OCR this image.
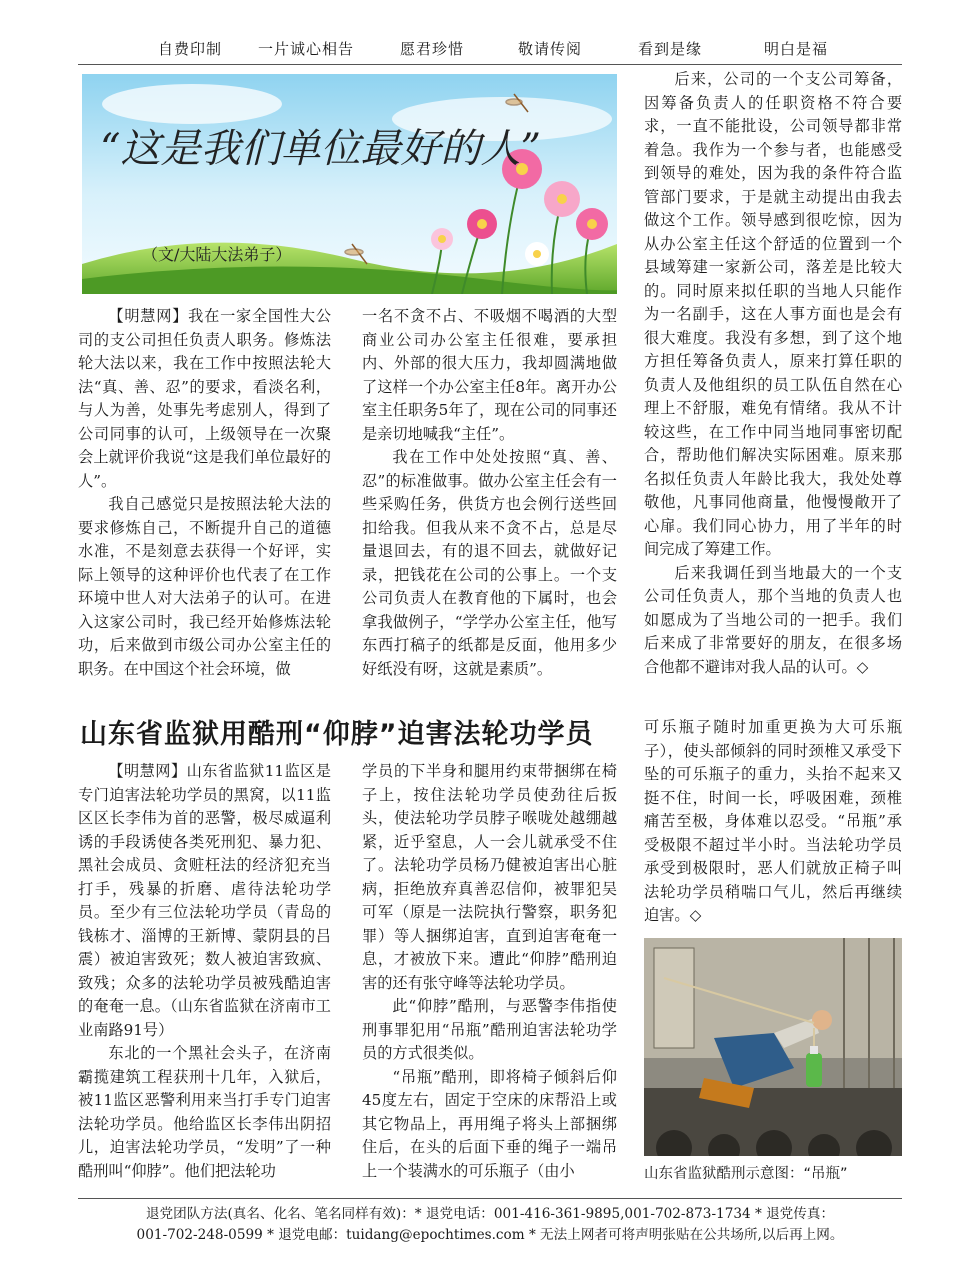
自费印制 一片诚心相告	愿君珍惜	敬请传阅	看到是缘	明白是福
“这是我们单位最好的人”
（文/大陆大法弟子）

【明慧网】我在一家全国性大公司的支公司担任负责人职务。修炼法轮大法以来，我在工作中按照法轮大法“真、善、忍”的要求，看淡名利，与人为善，处事先考虑别人，得到了公司同事的认可，上级领导在一次聚会上就评价我说“这是我们单位最好的人”。

我自己感觉只是按照法轮大法的要求修炼自己，不断提升自己的道德水准，不是刻意去获得一个好评，实际上领导的这种评价也代表了在工作环境中世人对大法弟子的认可。在进入这家公司时，我已经开始修炼法轮功，后来做到市级公司办公室主任的职务。在中国这个社会环境，做

一名不贪不占、不吸烟不喝酒的大型商业公司办公室主任很难，要承担内、外部的很大压力，我却圆满地做了这样一个办公室主任8年。离开办公室主任职务5年了，现在公司的同事还是亲切地喊我“主任”。

我在工作中处处按照“真、善、忍”的标准做事。做办公室主任会有一些采购任务，供货方也会例行送些回扣给我。但我从来不贪不占，总是尽量退回去，有的退不回去，就做好记录，把钱花在公司的公事上。一个支公司负责人在教育他的下属时，也会拿我做例子，“学学办公室主任，他写东西打稿子的纸都是反面，他用多少好纸没有呀，这就是素质”。

后来，公司的一个支公司筹备，因筹备负责人的任职资格不符合要求，一直不能批设，公司领导都非常着急。我作为一个参与者，也能感受到领导的难处，因为我的条件符合监管部门要求，于是就主动提出由我去做这个工作。领导感到很吃惊，因为从办公室主任这个舒适的位置到一个县域筹建一家新公司，落差是比较大的。同时原来拟任职的当地人只能作为一名副手，这在人事方面也是会有很大难度。我没有多想，到了这个地方担任筹备负责人，原来打算任职的负责人及他组织的员工队伍自然在心理上不舒服，难免有情绪。我从不计较这些，在工作中同当地同事密切配合，帮助他们解决实际困难。原来那名拟任负责人年龄比我大，我处处尊敬他，凡事同他商量，他慢慢敞开了心扉。我们同心协力，用了半年的时间完成了筹建工作。

后来我调任到当地最大的一个支公司任负责人，那个当地的负责人也如愿成为了当地公司的一把手。我们后来成了非常要好的朋友，在很多场合他都不避讳对我人品的认可。◇

山东省监狱用酷刑“仰脖”迫害法轮功学员

【明慧网】山东省监狱11监区是专门迫害法轮功学员的黑窝，以11监区区长李伟为首的恶警，极尽威逼利诱的手段诱使各类死刑犯、暴力犯、黑社会成员、贪赃枉法的经济犯充当打手，残暴的折磨、虐待法轮功学员。至少有三位法轮功学员（青岛的钱栋才、淄博的王新博、蒙阴县的吕震）被迫害致死；数人被迫害致疯、致残；众多的法轮功学员被残酷迫害的奄奄一息。（山东省监狱在济南市工业南路91号）

东北的一个黑社会头子，在济南霸揽建筑工程获刑十几年，入狱后，被11监区恶警利用来当打手专门迫害法轮功学员。他给监区长李伟出阴招儿，迫害法轮功学员，“发明”了一种酷刑叫“仰脖”。他们把法轮功

学员的下半身和腿用约束带捆绑在椅子上，按住法轮功学员使劲往后扳头，使法轮功学员脖子喉咙处越绷越紧，近乎窒息，人一会儿就承受不住了。法轮功学员杨乃健被迫害出心脏病，拒绝放弃真善忍信仰，被罪犯吴可军（原是一法院执行警察，职务犯罪）等人捆绑迫害，直到迫害奄奄一息，才被放下来。遭此“仰脖”酷刑迫害的还有张守峰等法轮功学员。

此“仰脖”酷刑，与恶警李伟指使刑事罪犯用“吊瓶”酷刑迫害法轮功学员的方式很类似。

“吊瓶”酷刑，即将椅子倾斜后仰45度左右，固定于空床的床帮沿上或其它物品上，再用绳子将头上部捆绑住后，在头的后面下垂的绳子一端吊上一个装满水的可乐瓶子（由小

可乐瓶子随时加重更换为大可乐瓶子），使头部倾斜的同时颈椎又承受下坠的可乐瓶子的重力，头抬不起来又挺不住，时间一长，呼吸困难，颈椎痛苦至极，身体难以忍受。“吊瓶”承受极限不超过半小时。当法轮功学员承受到极限时，恶人们就放正椅子叫法轮功学员稍喘口气儿，然后再继续迫害。◇

山东省监狱酷刑示意图：“吊瓶”
退党团队方法(真名、化名、笔名同样有效)：* 退党电话：001-416-361-9895,001-702-873-1734 * 退党传真：
001-702-248-0599 * 退党电邮：tuidang@epochtimes.com * 无法上网者可将声明张贴在公共场所,以后再上网。
